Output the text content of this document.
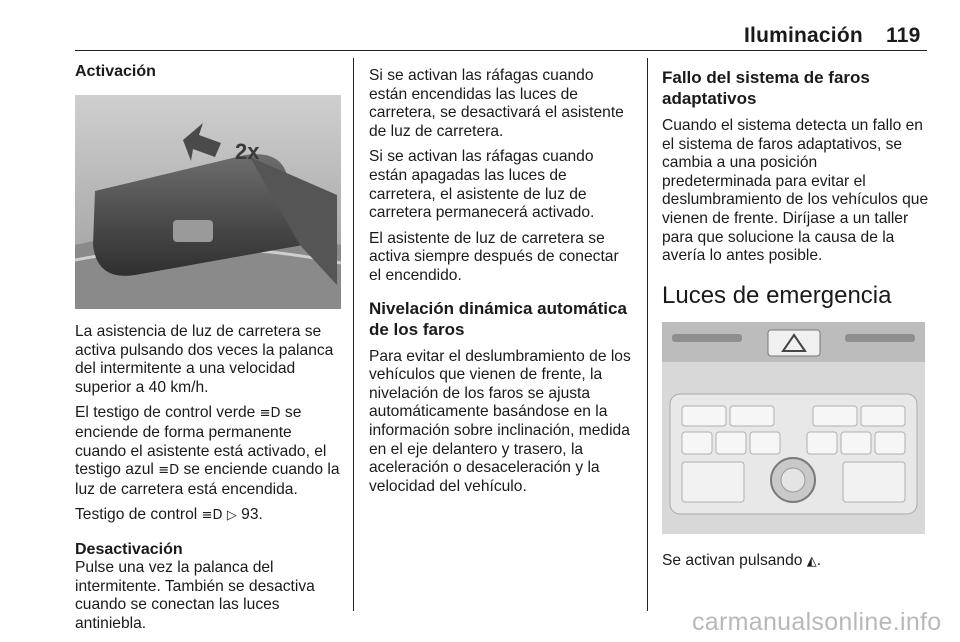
Iluminación 119
Activación
2x

La asistencia de luz de carretera se activa pulsando dos veces la palanca del intermitente a una velocidad superior a 40 km/h.

El testigo de control verde ≡D se enciende de forma permanente cuando el asistente está activado, el testigo azul ≡D se enciende cuando la luz de carretera está encendida.

Testigo de control ≡D ▷ 93.

Desactivación

Pulse una vez la palanca del intermitente. También se desactiva cuando se conectan las luces antiniebla.

Si se activan las ráfagas cuando están encendidas las luces de carretera, se desactivará el asistente de luz de carretera.

Si se activan las ráfagas cuando están apagadas las luces de carretera, el asistente de luz de carretera permanecerá activado.

El asistente de luz de carretera se activa siempre después de conectar el encendido.

Nivelación dinámica automática de los faros

Para evitar el deslumbramiento de los vehículos que vienen de frente, la nivelación de los faros se ajusta automáticamente basándose en la información sobre inclinación, medida en el eje delantero y trasero, la aceleración o desaceleración y la velocidad del vehículo.

Fallo del sistema de faros adaptativos

Cuando el sistema detecta un fallo en el sistema de faros adaptativos, se cambia a una posición predeterminada para evitar el deslumbramiento de los vehículos que vienen de frente. Diríjase a un taller para que solucione la causa de la avería lo antes posible.

Luces de emergencia

Se activan pulsando ◭.

carmanualsonline.info
